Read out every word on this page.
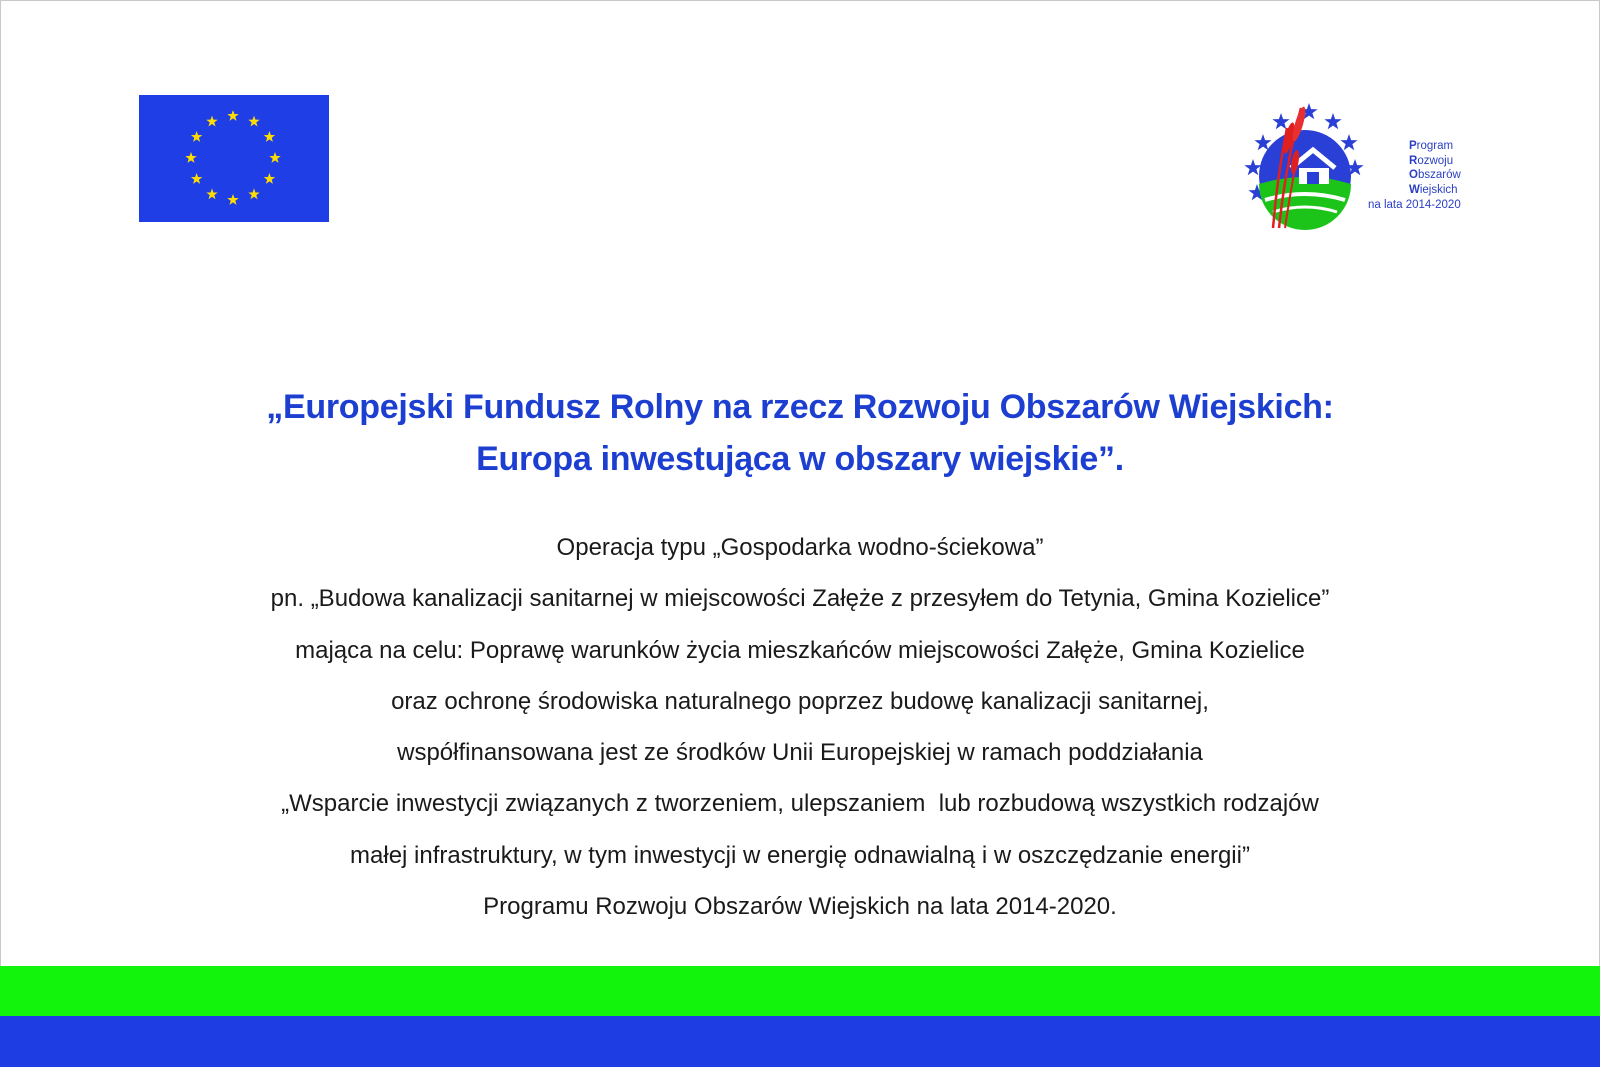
Program
Rozwoju
Obszarów
Wiejskich
na lata 2014-2020
„Europejski Fundusz Rolny na rzecz Rozwoju Obszarów Wiejskich:
Europa inwestująca w obszary wiejskie”.
Operacja typu „Gospodarka wodno-ściekowa”
pn. „Budowa kanalizacji sanitarnej w miejscowości Załęże z przesyłem do Tetynia, Gmina Kozielice”
mająca na celu: Poprawę warunków życia mieszkańców miejscowości Załęże, Gmina Kozielice
oraz ochronę środowiska naturalnego poprzez budowę kanalizacji sanitarnej,
współfinansowana jest ze środków Unii Europejskiej w ramach poddziałania
„Wsparcie inwestycji związanych z tworzeniem, ulepszaniem  lub rozbudową wszystkich rodzajów
małej infrastruktury, w tym inwestycji w energię odnawialną i w oszczędzanie energii”
Programu Rozwoju Obszarów Wiejskich na lata 2014-2020.
